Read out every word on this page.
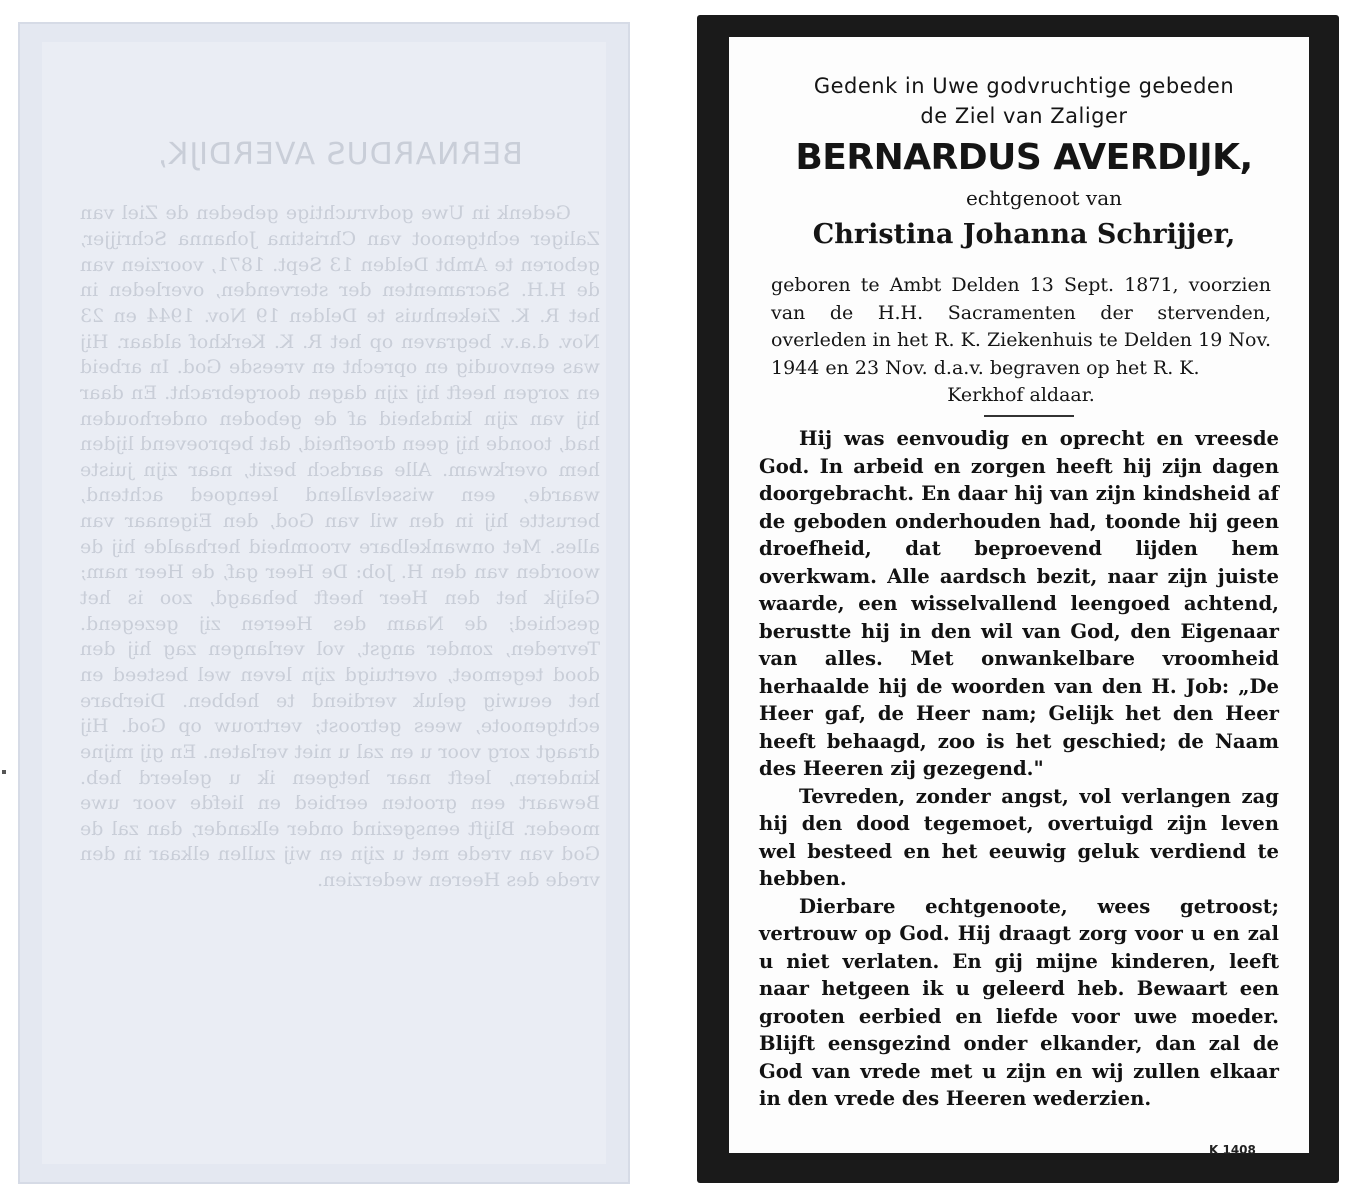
BERNARDUS AVERDIJK,

Gedenk in Uwe godvruchtige gebeden de Ziel van Zaliger echtgenoot van Christina Johanna Schrijjer, geboren te Ambt Delden 13 Sept. 1871, voorzien van de H.H. Sacramenten der stervenden, overleden in het R. K. Ziekenhuis te Delden 19 Nov. 1944 en 23 Nov. d.a.v. begraven op het R. K. Kerkhof aldaar. Hij was eenvoudig en oprecht en vreesde God. In arbeid en zorgen heeft hij zijn dagen doorgebracht. En daar hij van zijn kindsheid af de geboden onderhouden had, toonde hij geen droefheid, dat beproevend lijden hem overkwam. Alle aardsch bezit, naar zijn juiste waarde, een wisselvallend leengoed achtend, berustte hij in den wil van God, den Eigenaar van alles. Met onwankelbare vroomheid herhaalde hij de woorden van den H. Job: De Heer gaf, de Heer nam; Gelijk het den Heer heeft behaagd, zoo is het geschied; de Naam des Heeren zij gezegend. Tevreden, zonder angst, vol verlangen zag hij den dood tegemoet, overtuigd zijn leven wel besteed en het eeuwig geluk verdiend te hebben. Dierbare echtgenoote, wees getroost; vertrouw op God. Hij draagt zorg voor u en zal u niet verlaten. En gij mijne kinderen, leeft naar hetgeen ik u geleerd heb. Bewaart een grooten eerbied en liefde voor uwe moeder. Blijft eensgezind onder elkander, dan zal de God van vrede met u zijn en wij zullen elkaar in den vrede des Heeren wederzien.

Gedenk in Uwe godvruchtige gebeden
de Ziel van Zaliger
BERNARDUS AVERDIJK,
echtgenoot van
Christina Johanna Schrijjer,
geboren te Ambt Delden 13 Sept. 1871, voorzien van de H.H. Sacramenten der stervenden, overleden in het R. K. Ziekenhuis te Delden 19 Nov. 1944 en 23 Nov. d.a.v. begraven op het R. K.
Kerkhof aldaar.

Hij was eenvoudig en oprecht en vreesde God. In arbeid en zorgen heeft hij zijn dagen doorgebracht. En daar hij van zijn kindsheid af de geboden onderhouden had, toonde hij geen droefheid, dat beproevend lijden hem overkwam. Alle aardsch bezit, naar zijn juiste waarde, een wisselvallend leengoed achtend, berustte hij in den wil van God, den Eigenaar van alles. Met onwankelbare vroomheid herhaalde hij de woorden van den H. Job: „De Heer gaf, de Heer nam; Gelijk het den Heer heeft behaagd, zoo is het geschied; de Naam des Heeren zij gezegend."

Tevreden, zonder angst, vol verlangen zag hij den dood tegemoet, overtuigd zijn leven wel besteed en het eeuwig geluk verdiend te hebben.

Dierbare echtgenoote, wees getroost; vertrouw op God. Hij draagt zorg voor u en zal u niet verlaten. En gij mijne kinderen, leeft naar hetgeen ik u geleerd heb. Bewaart een grooten eerbied en liefde voor uwe moeder. Blijft eensgezind onder elkander, dan zal de God van vrede met u zijn en wij zullen elkaar in den vrede des Heeren wederzien.

K 1408
